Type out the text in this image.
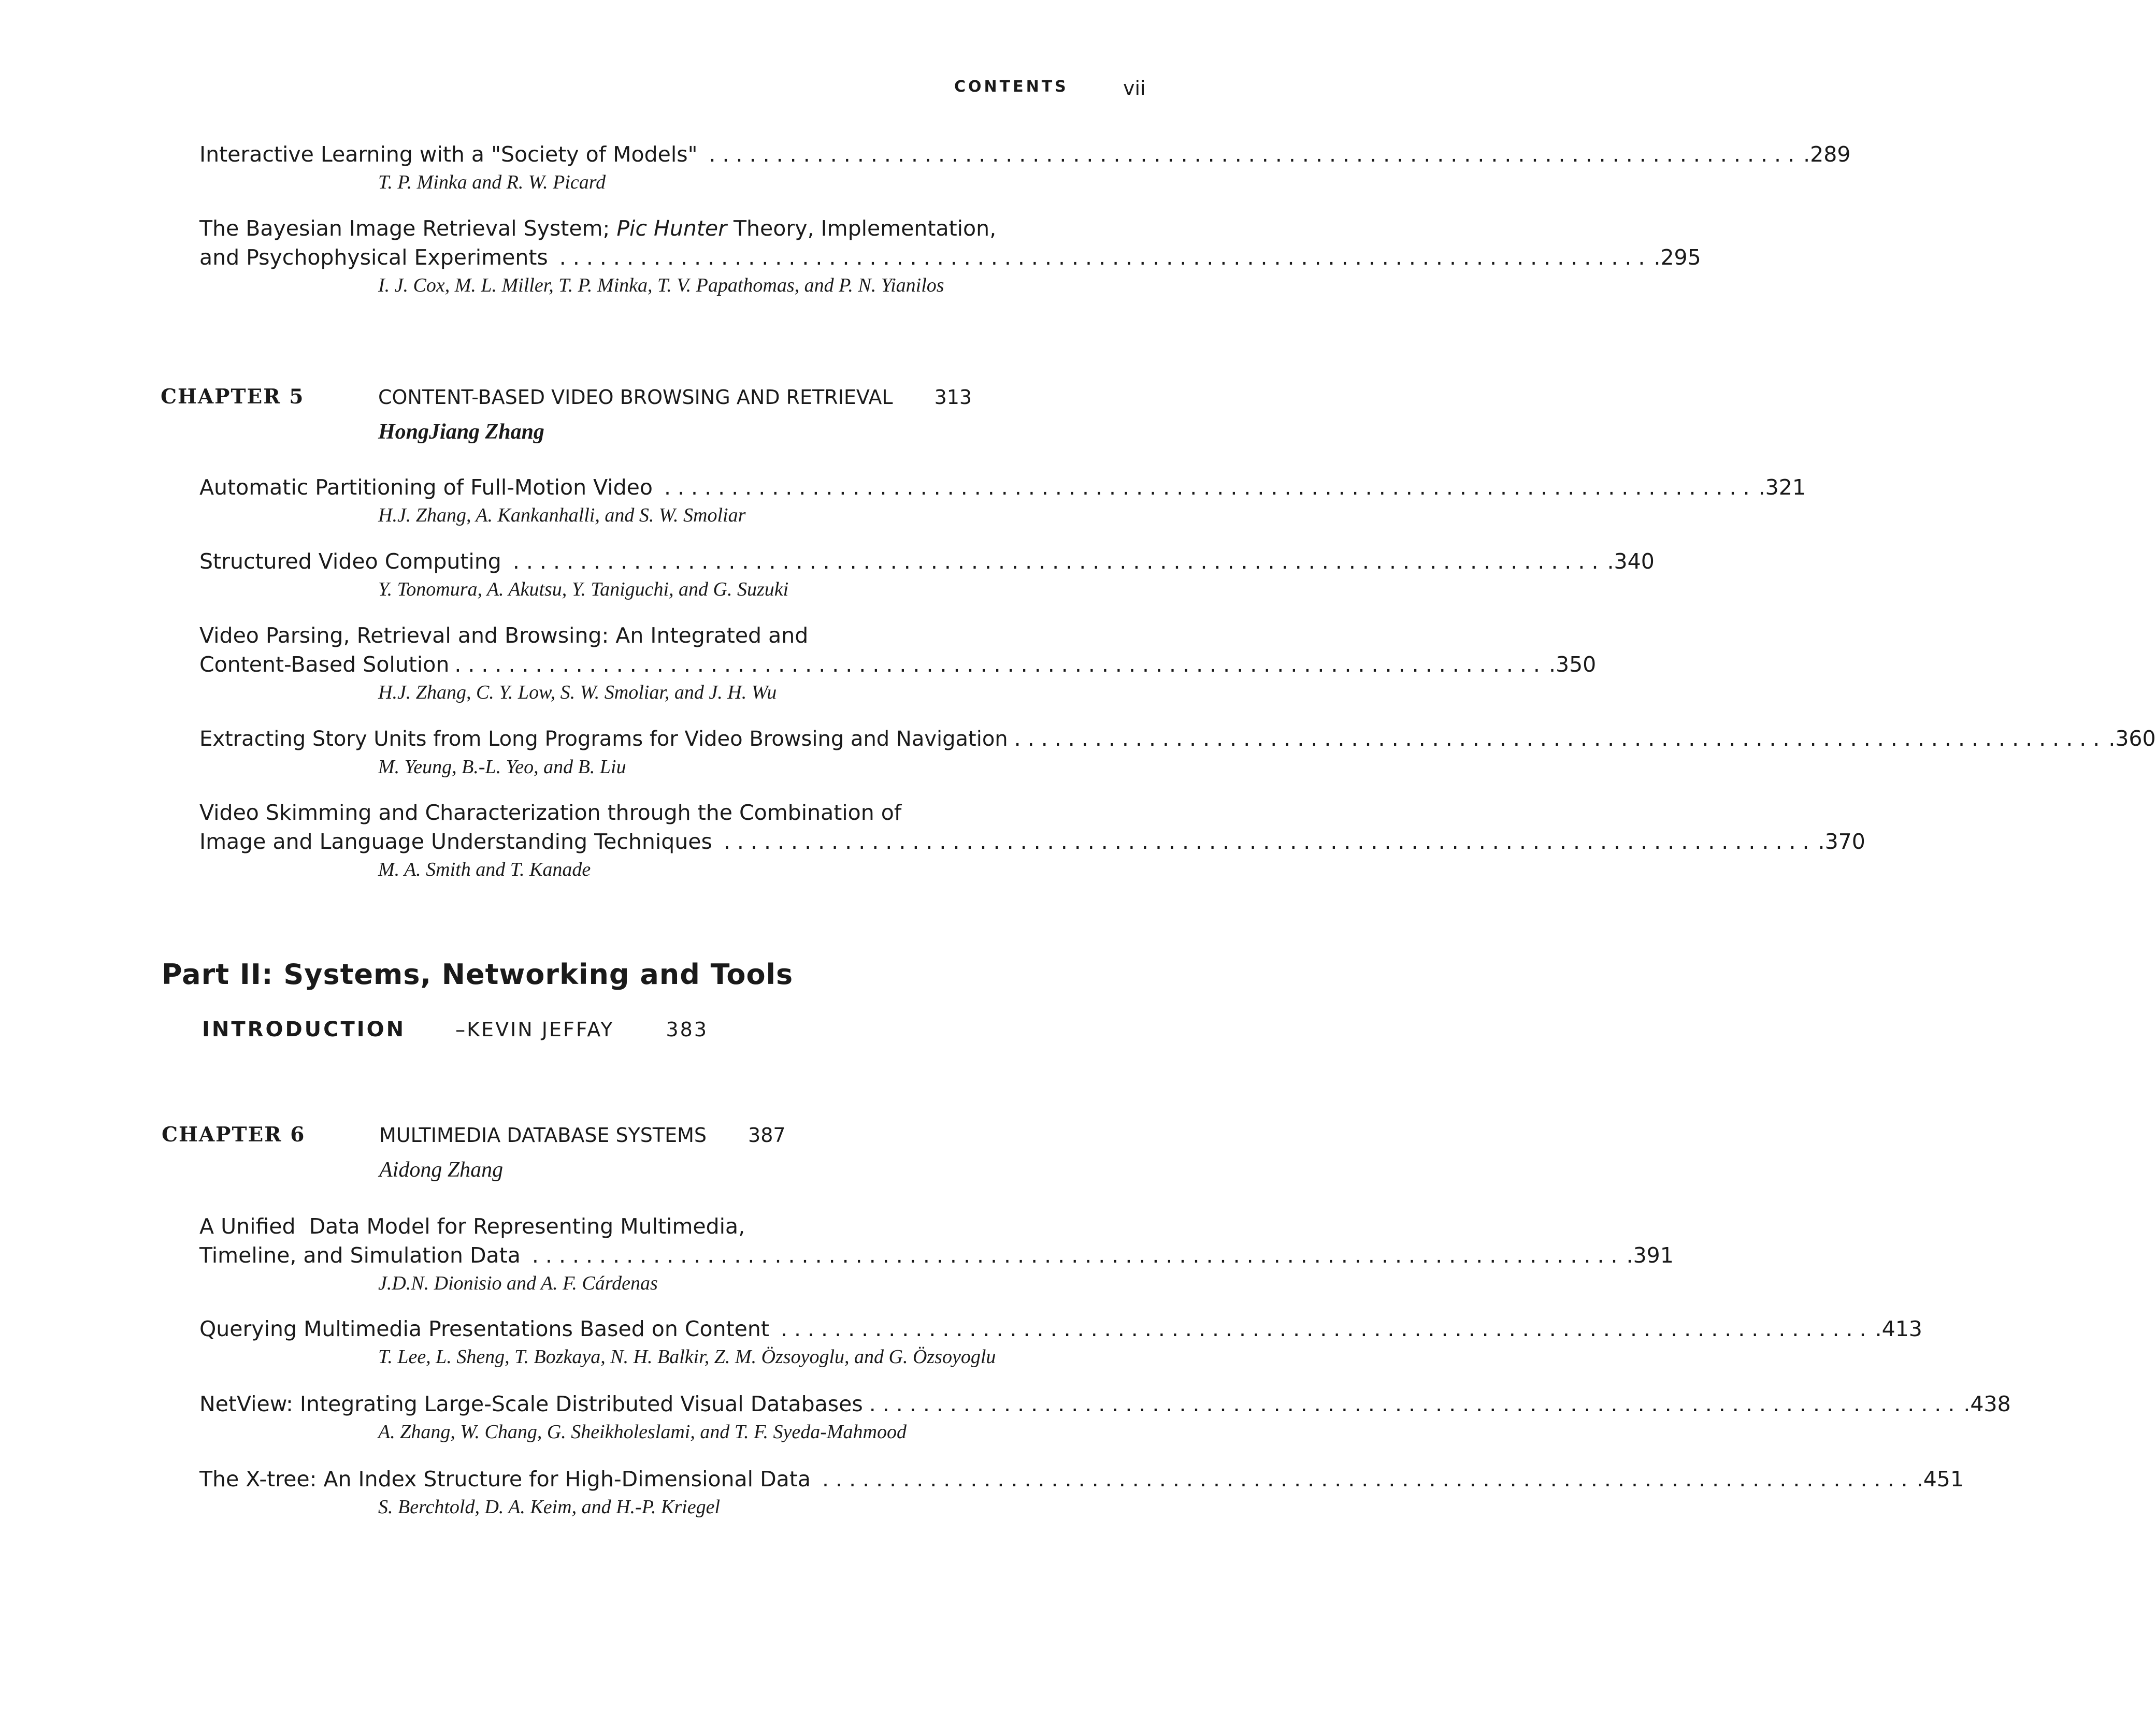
CONTENTS	vii
Interactive Learning with a "Society of Models" ................................................................................. .289
T. P. Minka and R. W. Picard
The Bayesian Image Retrieval System; Pic Hunter Theory, Implementation,
and Psychophysical Experiments ................................................................................. .295
I. J. Cox, M. L. Miller, T. P. Minka, T. V. Papathomas, and P. N. Yianilos
CHAPTER 5	CONTENT-BASED VIDEO BROWSING AND RETRIEVAL 313
HongJiang Zhang
Automatic Partitioning of Full-Motion Video ................................................................................. .321
H.J. Zhang, A. Kankanhalli, and S. W. Smoliar
Structured Video Computing ................................................................................. .340
Y. Tonomura, A. Akutsu, Y. Taniguchi, and G. Suzuki
Video Parsing, Retrieval and Browsing: An Integrated and
Content-Based Solution ................................................................................. .350
H.J. Zhang, C. Y. Low, S. W. Smoliar, and J. H. Wu
Extracting Story Units from Long Programs for Video Browsing and Navigation ................................................................................. .360
M. Yeung, B.-L. Yeo, and B. Liu
Video Skimming and Characterization through the Combination of
Image and Language Understanding Techniques ................................................................................. .370
M. A. Smith and T. Kanade
Part II: Systems, Networking and Tools
INTRODUCTION	–KEVIN JEFFAY	383
CHAPTER 6	MULTIMEDIA DATABASE SYSTEMS 387
Aidong Zhang
A Unified  Data Model for Representing Multimedia,
Timeline, and Simulation Data ................................................................................. .391
J.D.N. Dionisio and A. F. Cárdenas
Querying Multimedia Presentations Based on Content ................................................................................. .413
T. Lee, L. Sheng, T. Bozkaya, N. H. Balkir, Z. M. Özsoyoglu, and G. Özsoyoglu
NetView: Integrating Large-Scale Distributed Visual Databases ................................................................................. .438
A. Zhang, W. Chang, G. Sheikholeslami, and T. F. Syeda-Mahmood
The X-tree: An Index Structure for High-Dimensional Data ................................................................................. .451
S. Berchtold, D. A. Keim, and H.-P. Kriegel
